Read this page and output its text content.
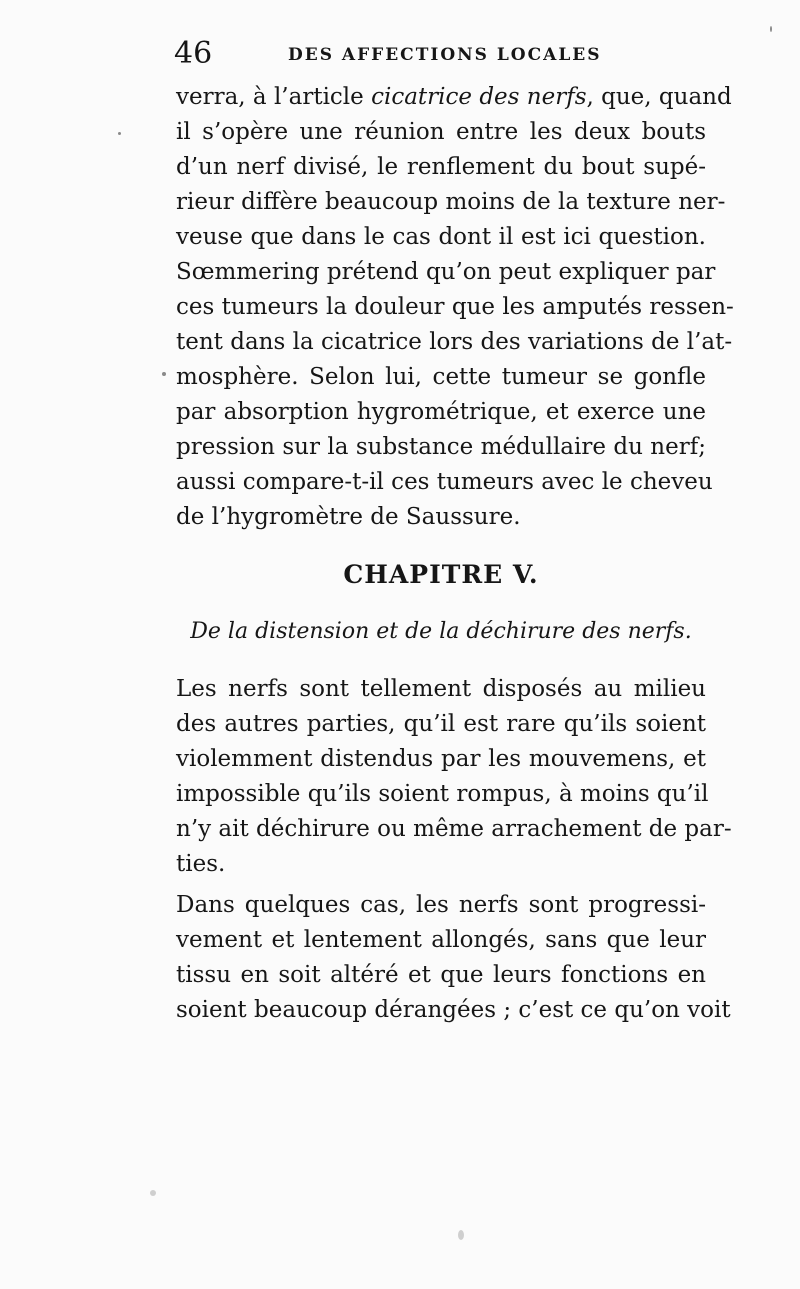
46	DES AFFECTIONS LOCALES
verra, à l’article cicatrice des nerfs, que, quand
il s’opère une réunion entre les deux bouts
d’un nerf divisé, le renflement du bout supé-
rieur diffère beaucoup moins de la texture ner-
veuse que dans le cas dont il est ici question.
Sœmmering prétend qu’on peut expliquer par
ces tumeurs la douleur que les amputés ressen-
tent dans la cicatrice lors des variations de l’at-
mosphère. Selon lui, cette tumeur se gonfle
par absorption hygrométrique, et exerce une
pression sur la substance médullaire du nerf;
aussi compare-t-il ces tumeurs avec le cheveu
de l’hygromètre de Saussure.
CHAPITRE V.
De la distension et de la déchirure des nerfs.
Les nerfs sont tellement disposés au milieu
des autres parties, qu’il est rare qu’ils soient
violemment distendus par les mouvemens, et
impossible qu’ils soient rompus, à moins qu’il
n’y ait déchirure ou même arrachement de par-
ties.
Dans quelques cas, les nerfs sont progressi-
vement et lentement allongés, sans que leur
tissu en soit altéré et que leurs fonctions en
soient beaucoup dérangées ; c’est ce qu’on voit
